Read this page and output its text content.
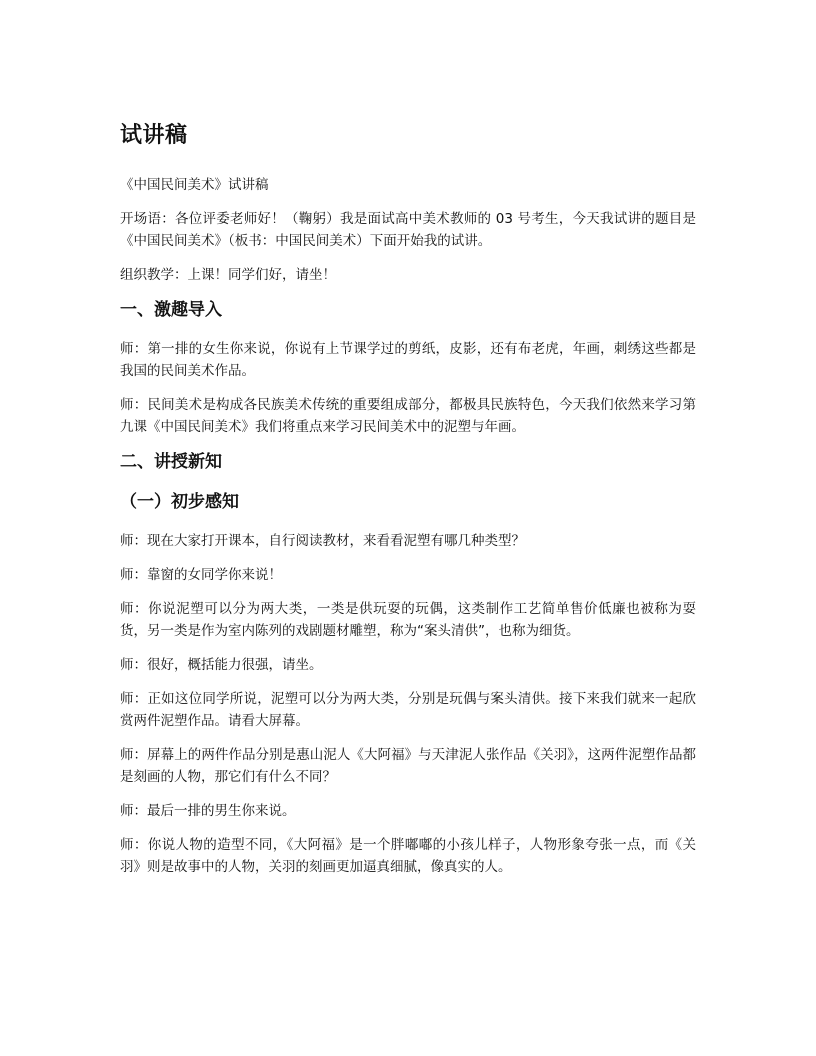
试讲稿

《中国民间美术》试讲稿

开场语：各位评委老师好！（鞠躬）我是面试高中美术教师的 03 号考生，今天我试讲的题目是《中国民间美术》（板书：中国民间美术）下面开始我的试讲。

组织教学：上课！同学们好，请坐！

一、激趣导入

师：第一排的女生你来说，你说有上节课学过的剪纸，皮影，还有布老虎，年画，刺绣这些都是我国的民间美术作品。

师：民间美术是构成各民族美术传统的重要组成部分，都极具民族特色，今天我们依然来学习第九课《中国民间美术》我们将重点来学习民间美术中的泥塑与年画。

二、讲授新知
（一）初步感知

师：现在大家打开课本，自行阅读教材，来看看泥塑有哪几种类型？

师：靠窗的女同学你来说！

师：你说泥塑可以分为两大类，一类是供玩耍的玩偶，这类制作工艺简单售价低廉也被称为耍货，另一类是作为室内陈列的戏剧题材雕塑，称为“案头清供”，也称为细货。

师：很好，概括能力很强，请坐。

师：正如这位同学所说，泥塑可以分为两大类，分别是玩偶与案头清供。接下来我们就来一起欣赏两件泥塑作品。请看大屏幕。

师：屏幕上的两件作品分别是惠山泥人《大阿福》与天津泥人张作品《关羽》，这两件泥塑作品都是刻画的人物，那它们有什么不同？

师：最后一排的男生你来说。

师：你说人物的造型不同，《大阿福》是一个胖嘟嘟的小孩儿样子，人物形象夸张一点，而《关羽》则是故事中的人物，关羽的刻画更加逼真细腻，像真实的人。
